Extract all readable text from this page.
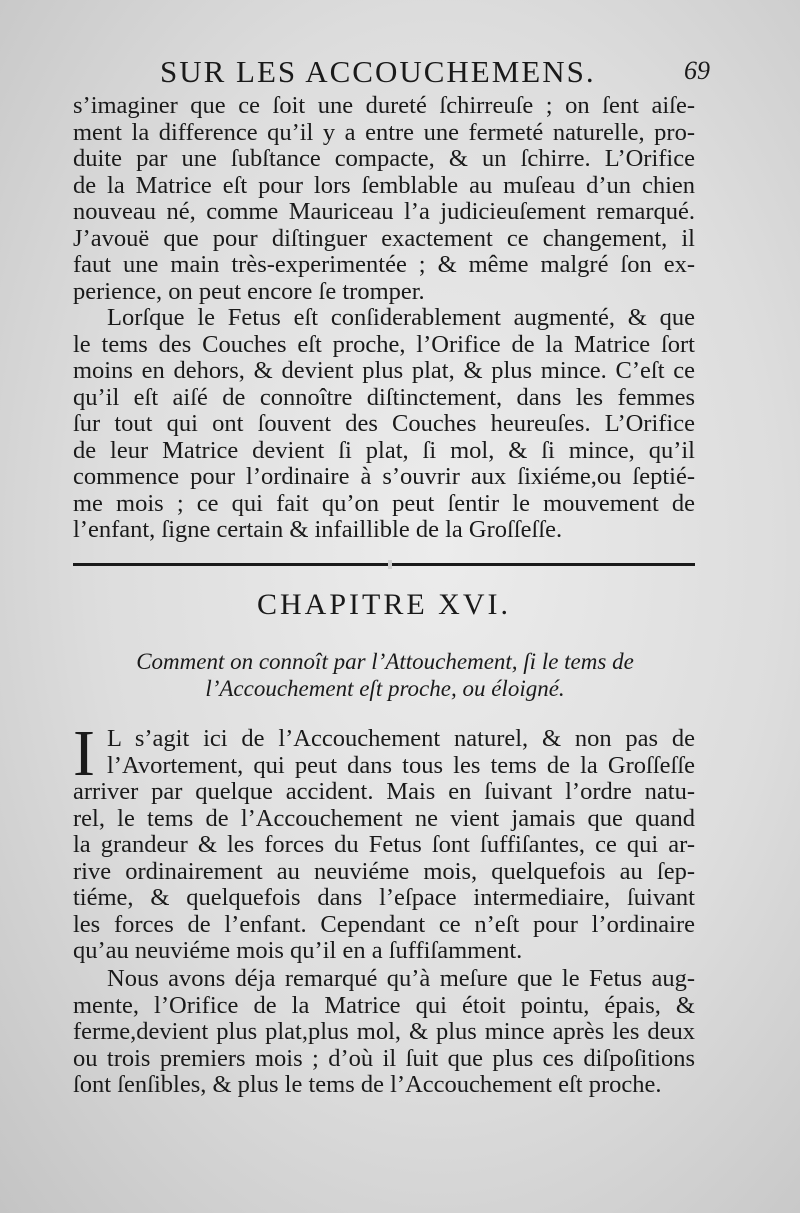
SUR LES ACCOUCHEMENS.	69
s’imaginer que ce ſoit une dureté ſchirreuſe ; on ſent aiſe-
ment la difference qu’il y a entre une fermeté naturelle, pro-
duite par une ſubſtance compacte, & un ſchirre. L’Orifice
de la Matrice eſt pour lors ſemblable au muſeau d’un chien
nouveau né, comme Mauriceau l’a judicieuſement remarqué.
J’avouë que pour diſtinguer exactement ce changement, il
faut une main très-experimentée ; & même malgré ſon ex-
perience, on peut encore ſe tromper.
Lorſque le Fetus eſt conſiderablement augmenté, & que
le tems des Couches eſt proche, l’Orifice de la Matrice ſort
moins en dehors, & devient plus plat, & plus mince. C’eſt ce
qu’il eſt aiſé de connoître diſtinctement, dans les femmes
ſur tout qui ont ſouvent des Couches heureuſes. L’Orifice
de leur Matrice devient ſi plat, ſi mol, & ſi mince, qu’il
commence pour l’ordinaire à s’ouvrir aux ſixiéme,ou ſeptié-
me mois ; ce qui fait qu’on peut ſentir le mouvement de
l’enfant, ſigne certain & infaillible de la Groſſeſſe.
CHAPITRE XVI.
Comment on connoît par l’Attouchement, ſi le tems de
l’Accouchement eſt proche, ou éloigné.
I L s’agit ici de l’Accouchement naturel, & non pas de
l’Avortement, qui peut dans tous les tems de la Groſſeſſe
arriver par quelque accident. Mais en ſuivant l’ordre natu-
rel, le tems de l’Accouchement ne vient jamais que quand
la grandeur & les forces du Fetus ſont ſuffiſantes, ce qui ar-
rive ordinairement au neuviéme mois, quelquefois au ſep-
tiéme, & quelquefois dans l’eſpace intermediaire, ſuivant
les forces de l’enfant. Cependant ce n’eſt pour l’ordinaire
qu’au neuviéme mois qu’il en a ſuffiſamment.
Nous avons déja remarqué qu’à meſure que le Fetus aug-
mente, l’Orifice de la Matrice qui étoit pointu, épais, &
ferme,devient plus plat,plus mol, & plus mince après les deux
ou trois premiers mois ; d’où il ſuit que plus ces diſpoſitions
ſont ſenſibles, & plus le tems de l’Accouchement eſt proche.
